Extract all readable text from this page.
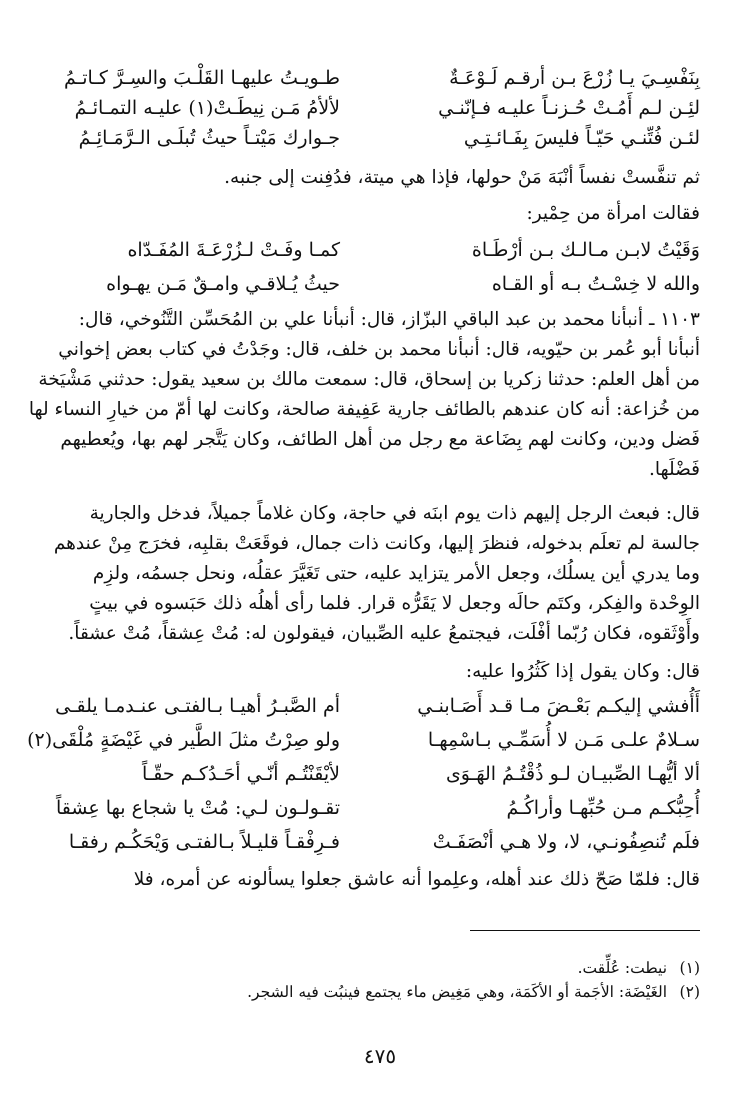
بِنَفْسِـيَ يـا زُرْعَ بـن أرقـم لَـوْعَـةٌ
طـويـتُ عليهـا القَلْـبَ والسِـرَّ كـاتـمُ
لئِـن لـم أَمُـتْ حُـزنـاً عليـه فـإنّنـي
لألأمُ مَـن نِيطَـتْ(١) عليـه التمـائـمُ
لئـن فُتِّنـي حَيّـاً فليسَ بِفَـائـتِـي
جـوارك مَيْتـاً حيثُ تُبلَـى الـرَّمَـائِـمُ
ثم تنفَّستْ نفساً أنْبَهَ مَنْ حولها، فإذا هي ميتة، فدُفِنت إلى جنبه.
فقالت امرأة من حِمْير:
وَقَيْتُ لابـن مـالـك بـن أرْطَـاة
كمـا وفَـتْ لـزُرْعَـةَ المُفَـدّاه
والله لا خِسْـتُ بـه أو القـاه
حيثُ يُـلاقـي وامـقٌ مَـن يهـواه
١١٠٣ ـ أنبأنا محمد بن عبد الباقي البزّاز، قال: أنبأنا علي بن المُحَسِّن التَّنُوخي، قال:
أنبأنا أبو عُمر بن حيّويه، قال: أنبأنا محمد بن خلف، قال: وجَدْتُ في كتاب بعض إخواني
من أهل العلم: حدثنا زكريا بن إسحاق، قال: سمعت مالك بن سعيد يقول: حدثني مَشْيَخة
من خُزاعة: أنه كان عندهم بالطائف جارية عَفِيفة صالحة، وكانت لها أمّ من خيارِ النساء لها
فَضل ودين، وكانت لهم بِضَاعة مع رجل من أهل الطائف، وكان يَتَّجر لهم بها، ويُعطيهم
فَضْلَها.
قال: فبعث الرجل إليهم ذات يوم ابنَه في حاجة، وكان غلاماً جميلاً، فدخل والجارية
جالسة لم تعلَم بدخوله، فنظرَ إليها، وكانت ذات جمال، فوقَعَتْ بقلبِه، فخرَج مِنْ عندهم
وما يدري أين يسلُك، وجعل الأمر يتزايد عليه، حتى تَغَيَّرَ عقلُه، ونحل جسمُه، ولزِم
الوِحْدة والفِكر، وكتَم حالَه وجعل لا يَقَرُّه قرار. فلما رأى أهلُه ذلك حَبَسوه في بيتٍ
وأَوْثَقوه، فكان رُبّما أفْلَت، فيجتمعُ عليه الصِّبيان، فيقولون له: مُتْ عِشقاً، مُتْ عشقاً.
قال: وكان يقول إذا كَثُرُوا عليه:
أَأُفشي إليكـم بَعْـضَ مـا قـد أَصَـابنـي
أم الصَّبـرُ أهيـا بـالفتـى عنـدمـا يلقـى
سـلامٌ علـى مَـن لا أُسَمِّـي بـاسْمِهـا
ولو صِرْتُ مثلَ الطَّير في غَيْضَةٍ مُلْقَى(٢)
ألا أيُّهـا الصِّبيـان لـو ذُقْتُـمُ الهَـوَى
لأيْقَنْتُـم أنّـي أحَـدُكـم حقّـاً
أُحِبُّكـم مـن حُبِّهـا وأراكُـمُ
تقـولـون لـي: مُتْ يا شجاع بها عِشقاً
فلَم تُنصِفُونـي، لا، ولا هـي أنْصَفَـتْ
فـرِفْقـاً قليـلاً بـالفتـى وَيْحَكُـم رفقـا
قال: فلمّا صَحّ ذلك عند أهله، وعلِموا أنه عاشق جعلوا يسألونه عن أمره، فلا
(١) نيطت: عُلِّقت.
(٢) الغَيْضَة: الأجَمة أو الأكَمَة، وهي مَغِيض ماء يجتمع فينبُت فيه الشجر.
٤٧٥
